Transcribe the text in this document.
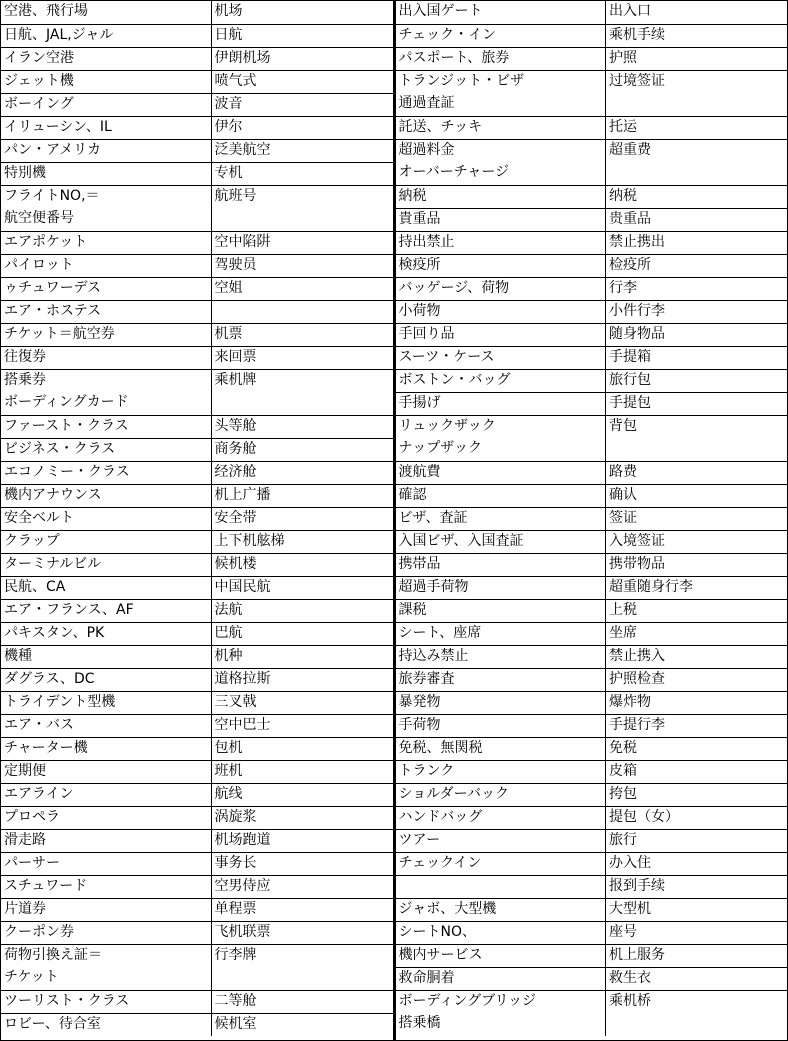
空港、飛行場	机场
日航、JAL,ジャル	日航
イラン空港	伊朗机场
ジェット機	喷气式
ボーイング	波音
イリューシン、IL	伊尔
パン・アメリカ	泛美航空
特別機	专机
フライトNO,＝	航班号
航空便番号	
エアポケット	空中陷阱
パイロット	驾驶员
ゥチュワーデス	空姐
エア・ホステス	
チケット＝航空券	机票
往復券	来回票
搭乗券	乘机牌
ボーディングカード	
ファースト・クラス	头等舱
ビジネス・クラス	商务舱
エコノミー・クラス	经济舱
機内アナウンス	机上广播
安全ベルト	安全带
クラップ	上下机舷梯
ターミナルビル	候机楼
民航、CA	中国民航
エア・フランス、AF	法航
パキスタン、PK	巴航
機種	机种
ダグラス、DC	道格拉斯
トライデント型機	三叉戟
エア・バス	空中巴士
チャーター機	包机
定期便	班机
エアライン	航线
プロペラ	涡旋浆
滑走路	机场跑道
パーサー	事务长
スチュワード	空男侍应
片道券	单程票
クーポン券	飞机联票
荷物引換え証＝	行李牌
チケット	
ツーリスト・クラス	二等舱
ロビー、待合室	候机室
出入国ゲート	出入口
チェック・イン	乘机手续
パスポート、旅券	护照
トランジット・ビザ	过境签证
通過査証	
託送、チッキ	托运
超過料金	超重费
オーバーチャージ	
納税	纳税
貴重品	贵重品
持出禁止	禁止携出
検疫所	检疫所
バッゲージ、荷物	行李
小荷物	小件行李
手回り品	随身物品
スーツ・ケース	手提箱
ボストン・バッグ	旅行包
手揚げ	手提包
リュックザック	背包
ナップザック	
渡航費	路费
確認	确认
ビザ、査証	签证
入国ビザ、入国査証	入境签证
携帯品	携带物品
超過手荷物	超重随身行李
課税	上税
シート、座席	坐席
持込み禁止	禁止携入
旅券審査	护照检查
暴発物	爆炸物
手荷物	手提行李
免税、無関税	免税
トランク	皮箱
ショルダーバック	挎包
ハンドバッグ	提包（女）
ツアー	旅行
チェックイン	办入住
	报到手续
ジャボ、大型機	大型机
シートNO、	座号
機内サービス	机上服务
救命胴着	救生衣
ボーディングブリッジ	乘机桥
搭乗橋	
